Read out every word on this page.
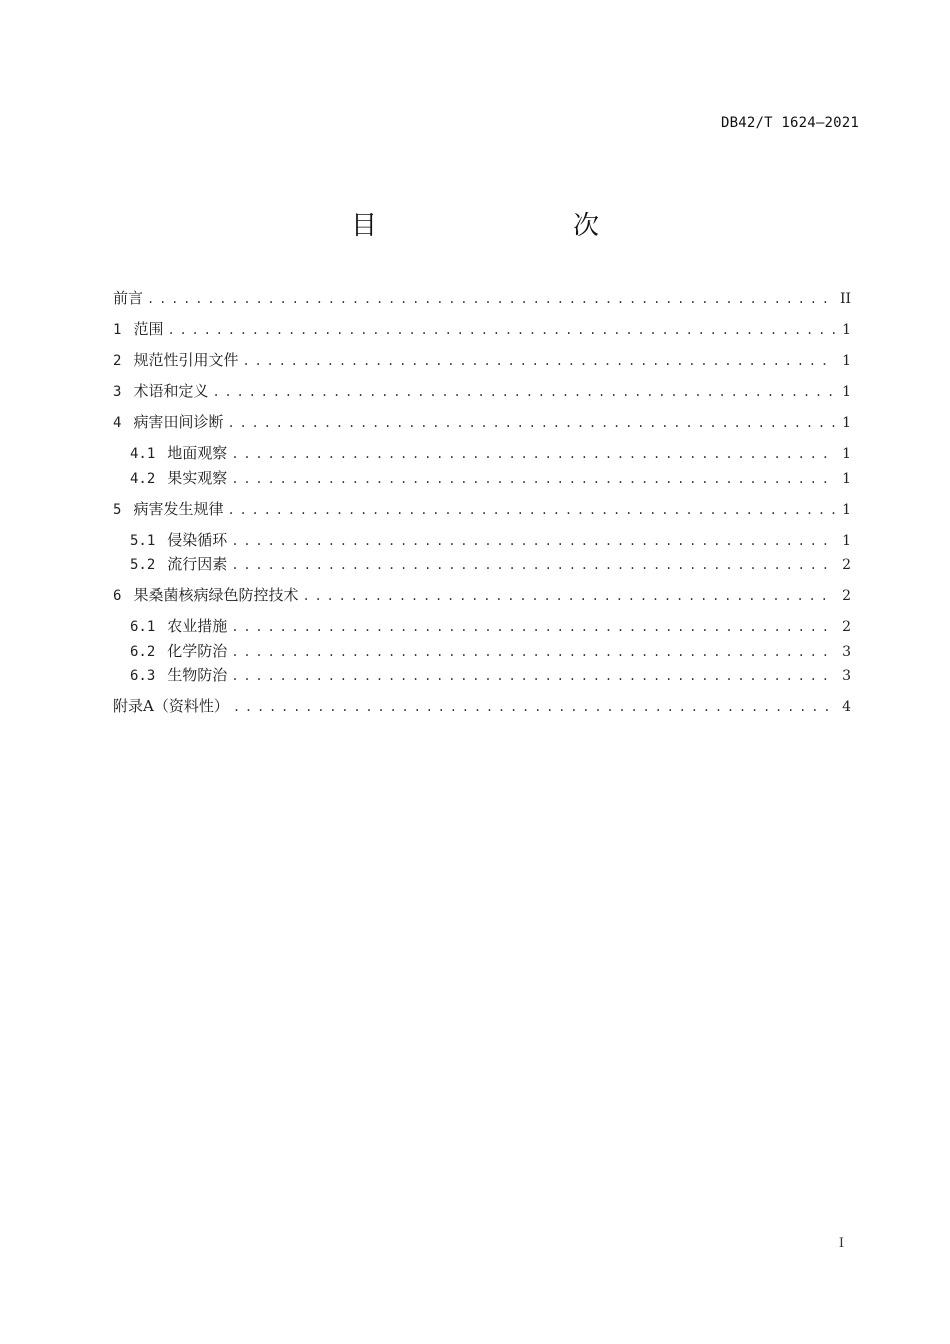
DB42/T 1624—2021
目　　次
前言 . . .	II
1 范围 . . .	1
2 规范性引用文件 . . .	1
3 术语和定义 . . .	1
4 病害田间诊断 . . .	1
4.1 地面观察 . . .	1
4.2 果实观察 . . .	1
5 病害发生规律 . . .	1
5.1 侵染循环 . . .	1
5.2 流行因素 . . .	2
6 果桑菌核病绿色防控技术 . . .	2
6.1 农业措施 . . .	2
6.2 化学防治 . . .	3
6.3 生物防治 . . .	3
附录A（资料性） . . .	4
I
